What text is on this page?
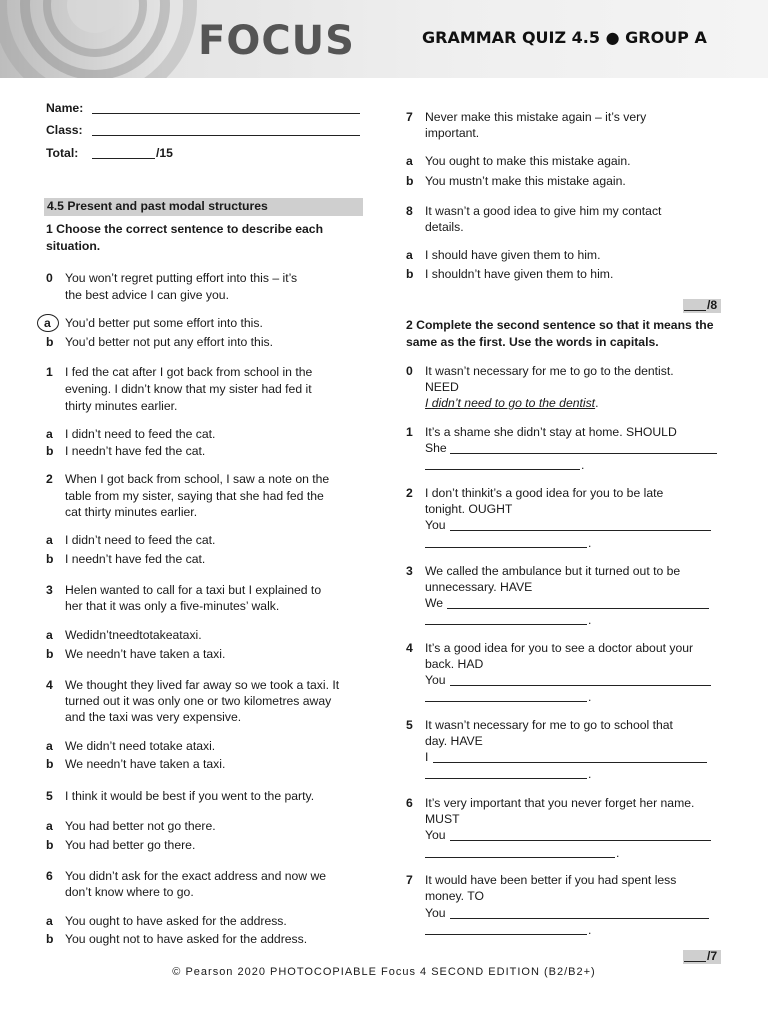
FOCUS	GRAMMAR QUIZ 4.5 ● GROUP A
Name:
Class:
Total:	/15
4.5 Present and past modal structures
1 Choose the correct sentence to describe each
situation.
0 You won’t regret putting effort into this – it’s
the best advice I can give you.
a You’d better put some effort into this.
b You’d better not put any effort into this.
1 I fed the cat after I got back from school in the
evening. I didn’t know that my sister had fed it
thirty minutes earlier.
a I didn’t need to feed the cat.
b I needn’t have fed the cat.
2 When I got back from school, I saw a note on the
table from my sister, saying that she had fed the
cat thirty minutes earlier.
a I didn’t need to feed the cat.
b I needn’t have fed the cat.
3 Helen wanted to call for a taxi but I explained to
her that it was only a five-minutes’ walk.
a Wedidn’tneedtotakeataxi.
b We needn’t have taken a taxi.
4 We thought they lived far away so we took a taxi. It
turned out it was only one or two kilometres away
and the taxi was very expensive.
a We didn’t need totake ataxi.
b We needn’t have taken a taxi.
5 I think it would be best if you went to the party.
a You had better not go there.
b You had better go there.
6 You didn’t ask for the exact address and now we
don’t know where to go.
a You ought to have asked for the address.
b You ought not to have asked for the address.
7 Never make this mistake again – it’s very
important.
a You ought to make this mistake again.
b You mustn’t make this mistake again.
8 It wasn’t a good idea to give him my contact
details.
a I should have given them to him.
b I shouldn’t have given them to him.
/8
2 Complete the second sentence so that it means the
same as the first. Use the words in capitals.
0 It wasn’t necessary for me to go to the dentist.
NEED
I didn’t need to go to the dentist.
1 It’s a shame she didn’t stay at home. SHOULD
She
.
2 I don’t thinkit’s a good idea for you to be late
tonight. OUGHT
You
.
3 We called the ambulance but it turned out to be
unnecessary. HAVE
We
.
4 It’s a good idea for you to see a doctor about your
back. HAD
You
.
5 It wasn’t necessary for me to go to school that
day. HAVE
I
.
6 It’s very important that you never forget her name.
MUST
You
.
7 It would have been better if you had spent less
money. TO
You
.
/7
© Pearson 2020 PHOTOCOPIABLE Focus 4 SECOND EDITION (B2/B2+)
